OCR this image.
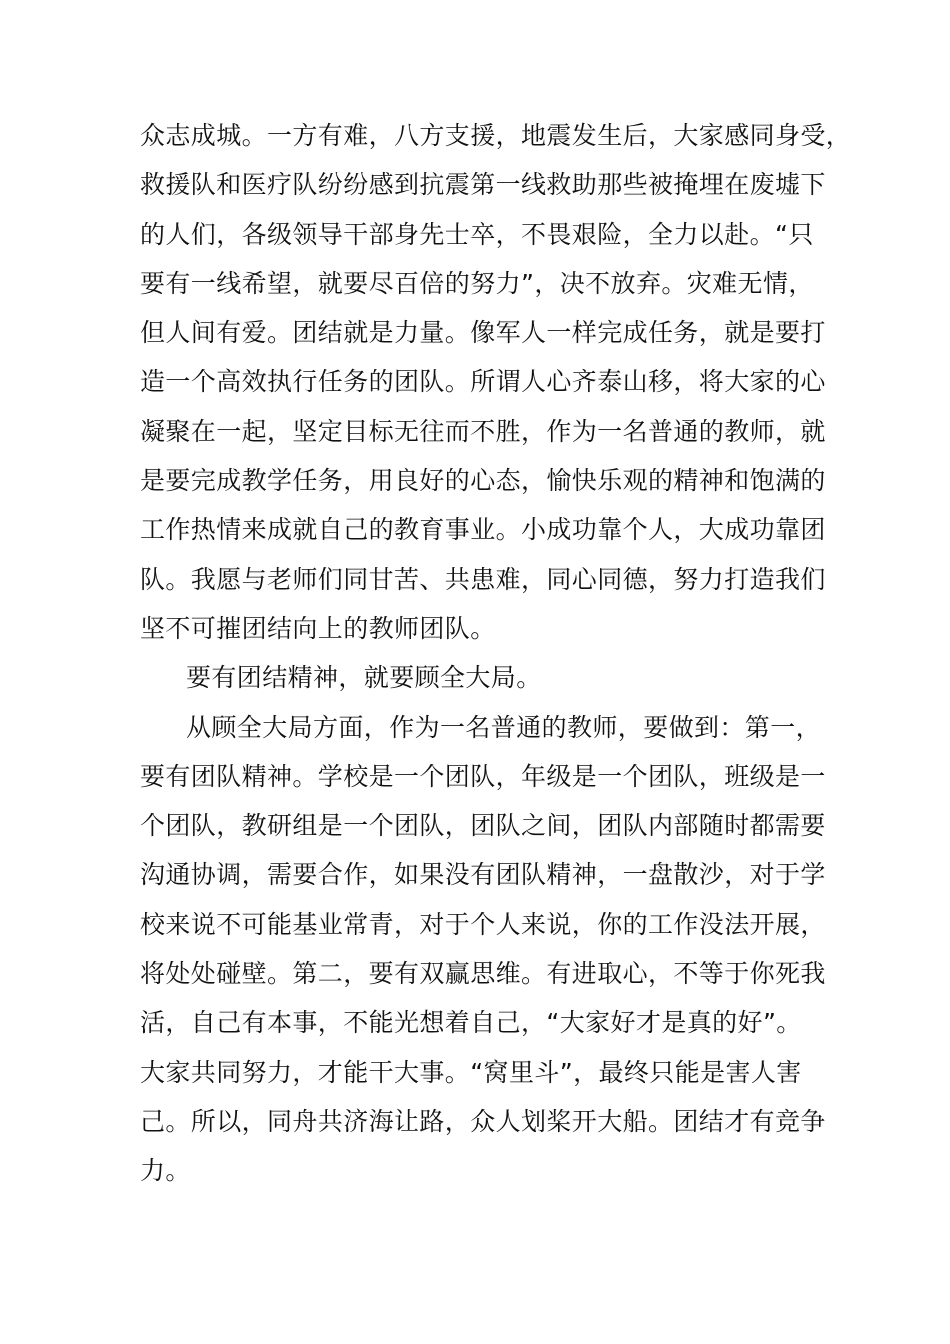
众志成城。一方有难，八方支援，地震发生后，大家感同身受，
救援队和医疗队纷纷感到抗震第一线救助那些被掩埋在废墟下
的人们，各级领导干部身先士卒，不畏艰险，全力以赴。“只
要有一线希望，就要尽百倍的努力”，决不放弃。灾难无情，
但人间有爱。团结就是力量。像军人一样完成任务，就是要打
造一个高效执行任务的团队。所谓人心齐泰山移，将大家的心
凝聚在一起，坚定目标无往而不胜，作为一名普通的教师，就
是要完成教学任务，用良好的心态，愉快乐观的精神和饱满的
工作热情来成就自己的教育事业。小成功靠个人，大成功靠团
队。我愿与老师们同甘苦、共患难，同心同德，努力打造我们
坚不可摧团结向上的教师团队。
要有团结精神，就要顾全大局。
从顾全大局方面，作为一名普通的教师，要做到：第一，
要有团队精神。学校是一个团队，年级是一个团队，班级是一
个团队，教研组是一个团队，团队之间，团队内部随时都需要
沟通协调，需要合作，如果没有团队精神，一盘散沙，对于学
校来说不可能基业常青，对于个人来说，你的工作没法开展，
将处处碰壁。第二，要有双赢思维。有进取心，不等于你死我
活，自己有本事，不能光想着自己，“大家好才是真的好”。
大家共同努力，才能干大事。“窝里斗”，最终只能是害人害
己。所以，同舟共济海让路，众人划桨开大船。团结才有竞争
力。
